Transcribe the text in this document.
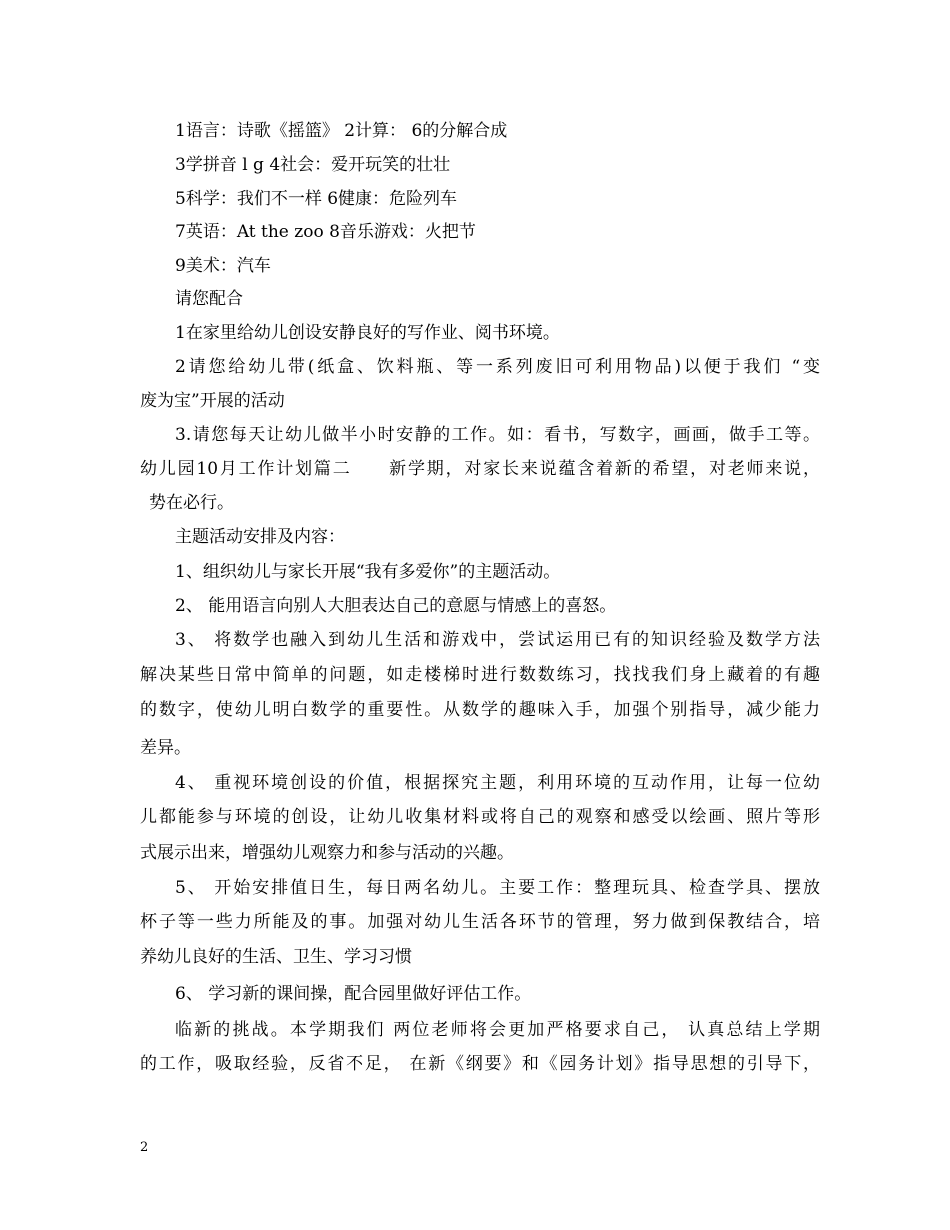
1语言：诗歌《摇篮》 2计算： 6的分解合成
3学拼音 l g 4社会：爱开玩笑的壮壮
5科学：我们不一样 6健康：危险列车
7英语：At the zoo 8音乐游戏：火把节
9美术：汽车
请您配合
1在家里给幼儿创设安静良好的写作业、阅书环境。
2请您给幼儿带(纸盒、饮料瓶、等一系列废旧可利用物品)以便于我们 “变
废为宝”开展的活动
3.请您每天让幼儿做半小时安静的工作。如：看书，写数字，画画，做手工等。
幼儿园10月工作计划篇二　　新学期，对家长来说蕴含着新的希望，对老师来说，
势在必行。
主题活动安排及内容：
1、组织幼儿与家长开展“我有多爱你”的主题活动。
2、 能用语言向别人大胆表达自己的意愿与情感上的喜怒。
3、 将数学也融入到幼儿生活和游戏中，尝试运用已有的知识经验及数学方法
解决某些日常中简单的问题，如走楼梯时进行数数练习，找找我们身上藏着的有趣
的数字，使幼儿明白数学的重要性。从数学的趣味入手，加强个别指导，减少能力
差异。
4、 重视环境创设的价值，根据探究主题，利用环境的互动作用，让每一位幼
儿都能参与环境的创设，让幼儿收集材料或将自己的观察和感受以绘画、照片等形
式展示出来，增强幼儿观察力和参与活动的兴趣。
5、 开始安排值日生，每日两名幼儿。主要工作：整理玩具、检查学具、摆放
杯子等一些力所能及的事。加强对幼儿生活各环节的管理，努力做到保教结合，培
养幼儿良好的生活、卫生、学习习惯
6、 学习新的课间操，配合园里做好评估工作。
临新的挑战。本学期我们 两位老师将会更加严格要求自己， 认真总结上学期
的工作，吸取经验，反省不足， 在新《纲要》和《园务计划》指导思想的引导下，
2
